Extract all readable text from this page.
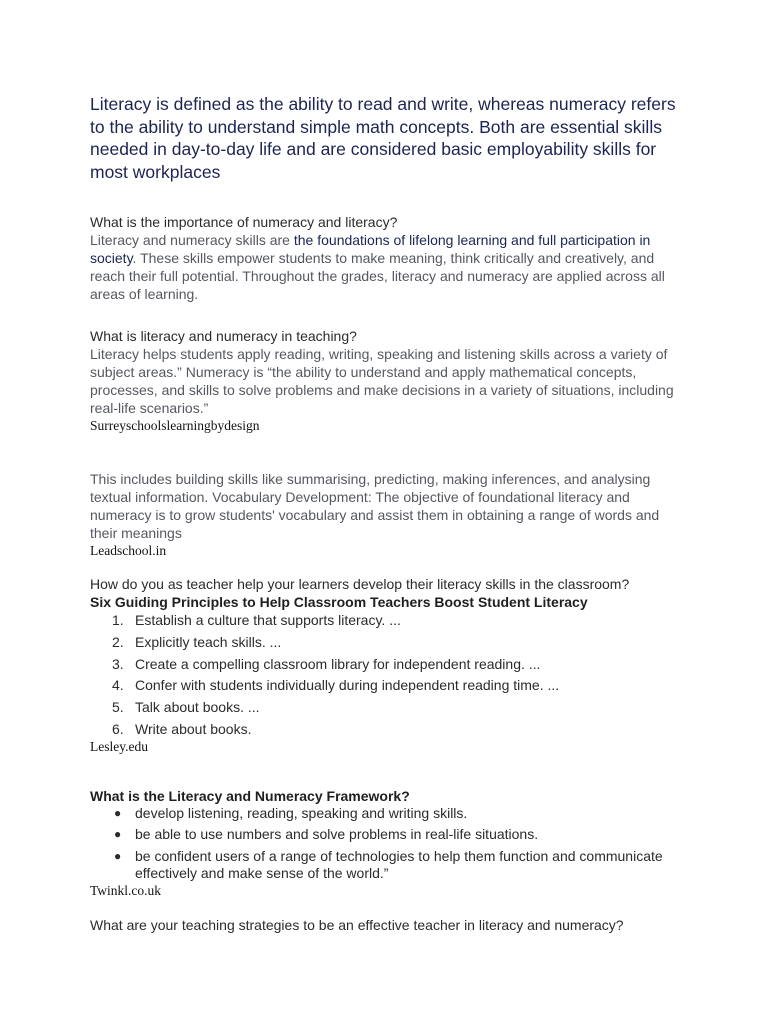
Literacy is defined as the ability to read and write, whereas numeracy refers to the ability to understand simple math concepts. Both are essential skills needed in day-to-day life and are considered basic employability skills for most workplaces

What is the importance of numeracy and literacy?

Literacy and numeracy skills are the foundations of lifelong learning and full participation in society. These skills empower students to make meaning, think critically and creatively, and reach their full potential. Throughout the grades, literacy and numeracy are applied across all areas of learning.

What is literacy and numeracy in teaching?

Literacy helps students apply reading, writing, speaking and listening skills across a variety of subject areas.” Numeracy is “the ability to understand and apply mathematical concepts, processes, and skills to solve problems and make decisions in a variety of situations, including real-life scenarios.”

Surreyschoolslearningbydesign

This includes building skills like summarising, predicting, making inferences, and analysing textual information. Vocabulary Development: The objective of foundational literacy and numeracy is to grow students' vocabulary and assist them in obtaining a range of words and their meanings

Leadschool.in

How do you as teacher help your learners develop their literacy skills in the classroom?

Six Guiding Principles to Help Classroom Teachers Boost Student Literacy

1. Establish a culture that supports literacy. ...
2. Explicitly teach skills. ...
3. Create a compelling classroom library for independent reading. ...
4. Confer with students individually during independent reading time. ...
5. Talk about books. ...
6. Write about books.

Lesley.edu

What is the Literacy and Numeracy Framework?

● develop listening, reading, speaking and writing skills.
● be able to use numbers and solve problems in real-life situations.
● be confident users of a range of technologies to help them function and communicate effectively and make sense of the world.”

Twinkl.co.uk

What are your teaching strategies to be an effective teacher in literacy and numeracy?
